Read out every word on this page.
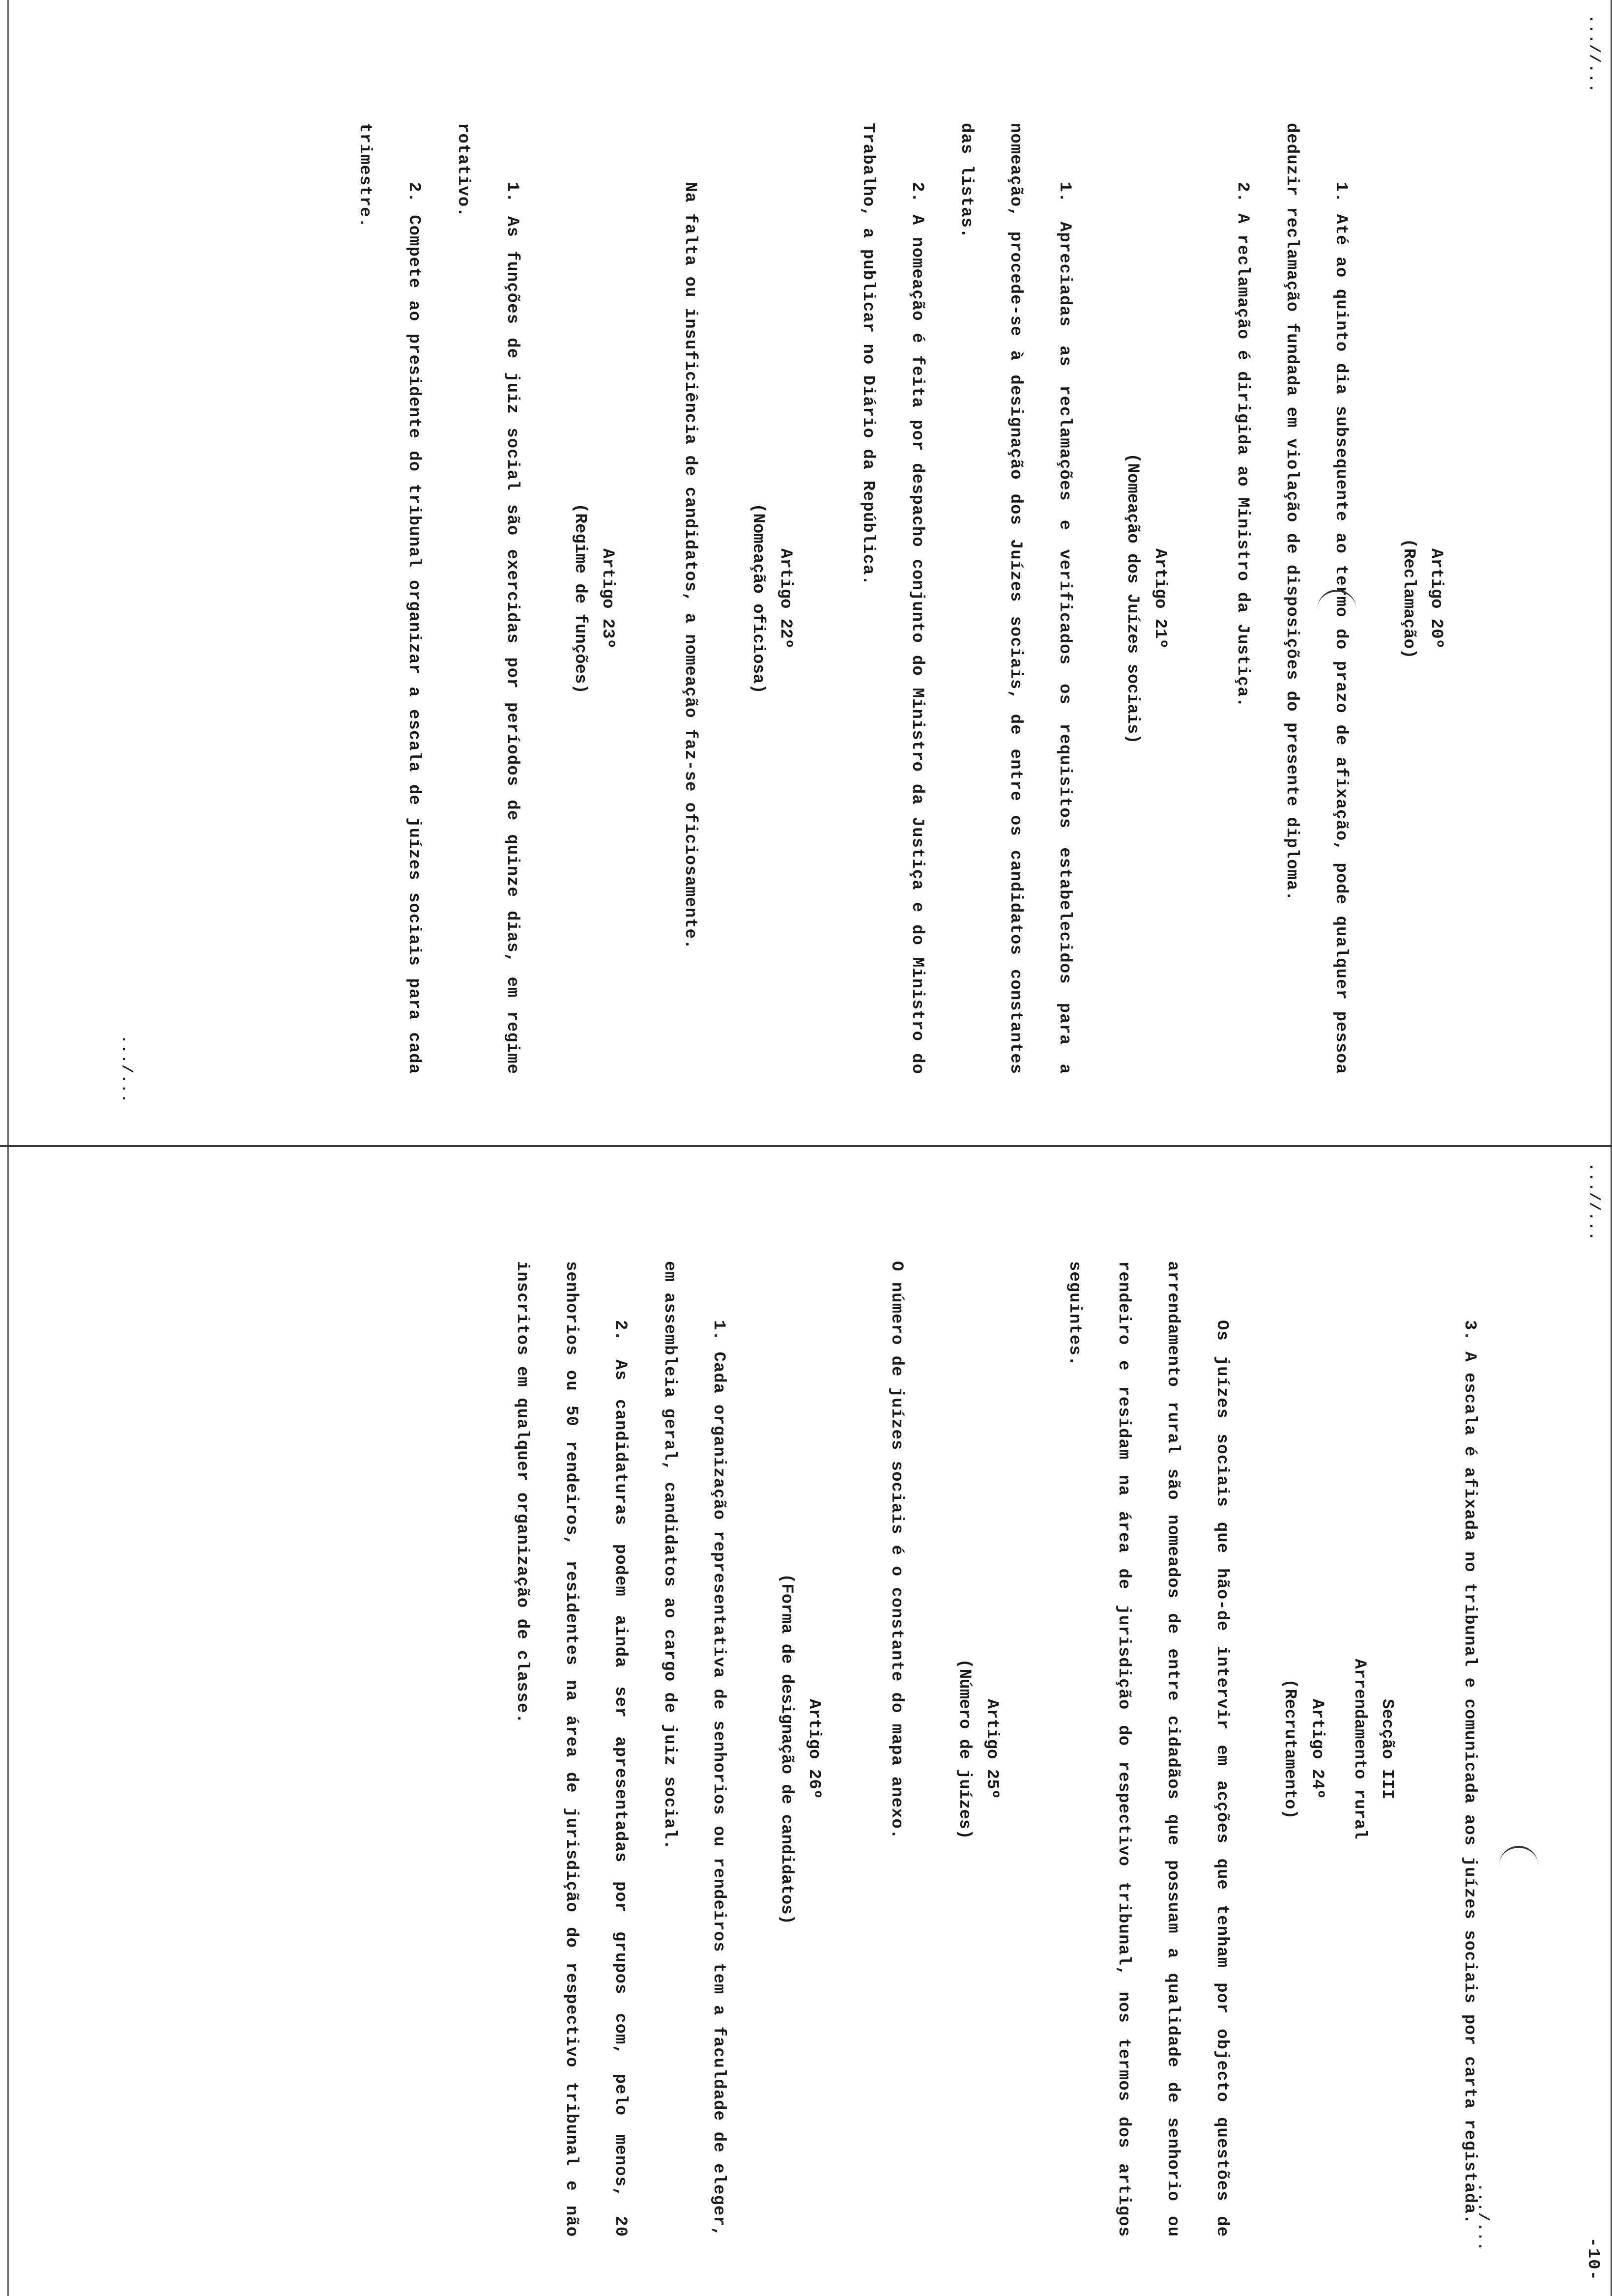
...//...
Artigo 20º
(Reclamação)

1. Até ao quinto dia subsequente ao termo do prazo de afixação, pode qualquer pessoa deduzir reclamação fundada em violação de disposições do presente diploma.

2. A reclamação é dirigida ao Ministro da Justiça.

Artigo 21º
(Nomeação dos Juízes sociais)

1. Apreciadas as reclamações e verificados os requisitos estabelecidos para a nomeação, procede-se à designação dos Juízes sociais, de entre os candidatos constantes das listas.

2. A nomeação é feita por despacho conjunto do Ministro da Justiça e do Ministro do Trabalho, a publicar no Diário da República.

Artigo 22º
(Nomeação oficiosa)

Na falta ou insuficiência de candidatos, a nomeação faz-se oficiosamente.

Artigo 23º
(Regime de funções)

1. As funções de juiz social são exercidas por períodos de quinze dias, em regime rotativo.

2. Compete ao presidente do tribunal organizar a escala de juízes sociais para cada trimestre.

.../...
...//...
-10-

3. A escala é afixada no tribunal e comunicada aos juízes sociais por carta registada.

Secção III
Arrendamento rural
Artigo 24º
(Recrutamento)

Os juízes sociais que hão-de intervir em acções que tenham por objecto questões de arrendamento rural são nomeados de entre cidadãos que possuam a qualidade de senhorio ou rendeiro e residam na área de jurisdição do respectivo tribunal, nos termos dos artigos seguintes.

Artigo 25º
(Número de juízes)

O número de juízes sociais é o constante do mapa anexo.

Artigo 26º
(Forma de designação de candidatos)

1. Cada organização representativa de senhorios ou rendeiros tem a faculdade de eleger, em assembleia geral, candidatos ao cargo de juiz social.

2. As candidaturas podem ainda ser apresentadas por grupos com, pelo menos, 20 senhorios ou 50 rendeiros, residentes na área de jurisdição do respectivo tribunal e não inscritos em qualquer organização de classe.

.../...
